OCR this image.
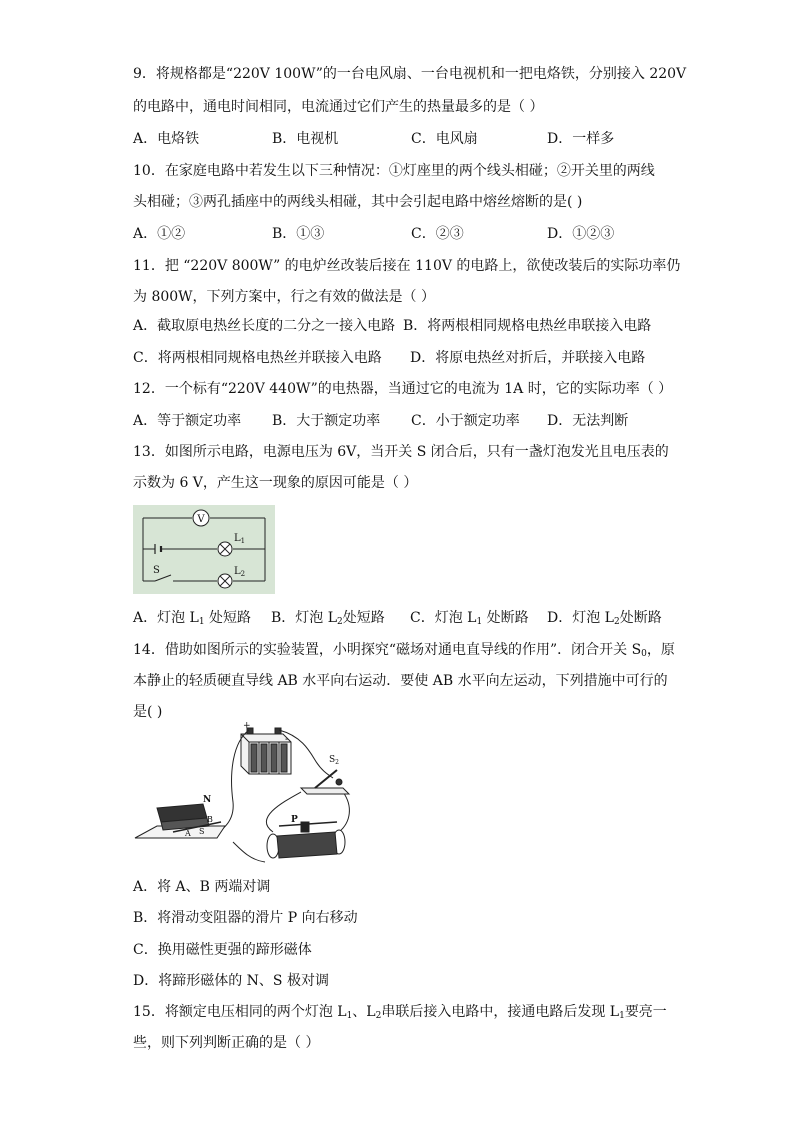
9．将规格都是“220V 100W”的一台电风扇、一台电视机和一把电烙铁，分别接入 220V
的电路中，通电时间相同，电流通过它们产生的热量最多的是（ ）
A．电烙铁	B．电视机	C．电风扇	D．一样多
10．在家庭电路中若发生以下三种情况：①灯座里的两个线头相碰；②开关里的两线
头相碰；③两孔插座中的两线头相碰，其中会引起电路中熔丝熔断的是( )
A．①②	B．①③	C．②③	D．①②③
11．把 “220V 800W” 的电炉丝改装后接在 110V 的电路上，欲使改装后的实际功率仍
为 800W，下列方案中，行之有效的做法是（ ）
A．截取原电热丝长度的二分之一接入电路 B．将两根相同规格电热丝串联接入电路
C．将两根相同规格电热丝并联接入电路 D．将原电热丝对折后，并联接入电路
12．一个标有“220V 440W”的电热器，当通过它的电流为 1A 时，它的实际功率（ ）
A．等于额定功率 B．大于额定功率 C．小于额定功率 D．无法判断
13．如图所示电路，电源电压为 6V，当开关 S 闭合后，只有一盏灯泡发光且电压表的
示数为 6 V，产生这一现象的原因可能是（ ）
V
$L_1$
$L_2$
S
A．灯泡 $L_1$ 处短路 B．灯泡 $L_2$处短路 C．灯泡 $L_1$ 处断路 D．灯泡 $L_2$处断路
14．借助如图所示的实验装置，小明探究“磁场对通电直导线的作用”．闭合开关 $S_0$，原
本静止的轻质硬直导线 AB 水平向右运动．要使 AB 水平向左运动，下列措施中可行的
是( )
+
-
$S_2$
N
A S
B	P
A．将 A、B 两端对调
B．将滑动变阻器的滑片 P 向右移动
C．换用磁性更强的蹄形磁体
D．将蹄形磁体的 N、S 极对调
15．将额定电压相同的两个灯泡 $L_1$、$L_2$串联后接入电路中，接通电路后发现 $L_1$要亮一
些，则下列判断正确的是（ ）
